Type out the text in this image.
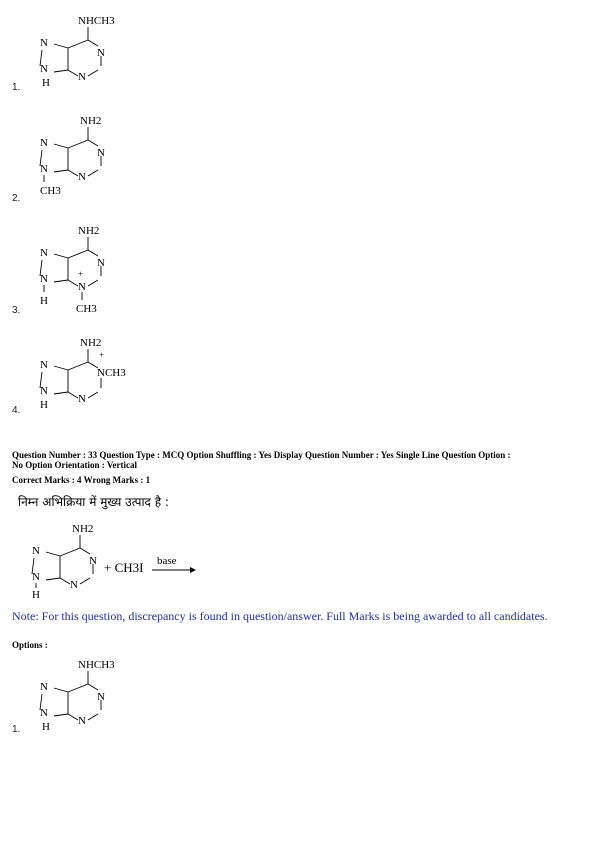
NHCH3
N
N
N
N
H
1.
NH2
N
N
N
N
CH3
2.
NH2
N
N
+
CH3
N
N
H
3.
NH2
+
NCH3
N
N
N
H
4.
Question Number : 33 Question Type : MCQ Option Shuffling : Yes Display Question Number : Yes Single Line Question Option :
No Option Orientation : Vertical
Correct Marks : 4 Wrong Marks : 1
निम्न अभिक्रिया में मुख्य उत्पाद है :
NH2
N
N
N
N
H
+ CH3I base
Note: For this question, discrepancy is found in question/answer. Full Marks is being awarded to all candidates.
Options :
NHCH3
N
N
N
N
H
1.
